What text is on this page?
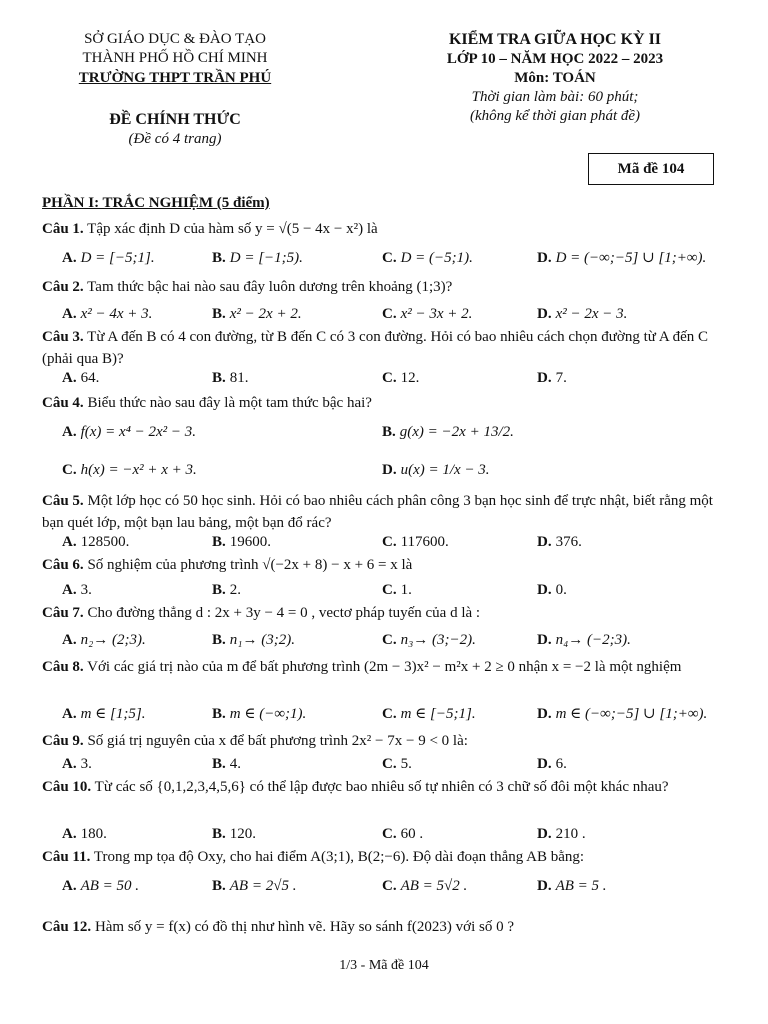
SỞ GIÁO DỤC & ĐÀO TẠO
THÀNH PHỐ HỒ CHÍ MINH
TRƯỜNG THPT TRẦN PHÚ
ĐỀ CHÍNH THỨC
(Đề có 4 trang)
KIỂM TRA GIỮA HỌC KỲ II
LỚP 10 – NĂM HỌC 2022 – 2023
Môn: TOÁN
Thời gian làm bài: 60 phút;
(không kể thời gian phát đề)
Mã đề 104
PHẦN I: TRẮC NGHIỆM (5 điểm)
Câu 1. Tập xác định D của hàm số y = √(5 − 4x − x²) là
A. D = [−5;1].	B. D = [−1;5).	C. D = (−5;1).	D. D = (−∞;−5] ∪ [1;+∞).
Câu 2. Tam thức bậc hai nào sau đây luôn dương trên khoảng (1;3)?
A. x² − 4x + 3.	B. x² − 2x + 2.	C. x² − 3x + 2.	D. x² − 2x − 3.
Câu 3. Từ A đến B có 4 con đường, từ B đến C có 3 con đường. Hỏi có bao nhiêu cách chọn đường từ A đến C (phải qua B)?
A. 64.	B. 81.	C. 12.	D. 7.
Câu 4. Biểu thức nào sau đây là một tam thức bậc hai?
A. f(x) = x⁴ − 2x² − 3.	B. g(x) = −2x + 13/2.
C. h(x) = −x² + x + 3.	D. u(x) = 1/x − 3.
Câu 5. Một lớp học có 50 học sinh. Hỏi có bao nhiêu cách phân công 3 bạn học sinh để trực nhật, biết rằng một bạn quét lớp, một bạn lau bảng, một bạn đổ rác?
A. 128500.	B. 19600.	C. 117600.	D. 376.
Câu 6. Số nghiệm của phương trình √(−2x + 8) − x + 6 = x là
A. 3.	B. 2.	C. 1.	D. 0.
Câu 7. Cho đường thẳng d : 2x + 3y − 4 = 0 , vectơ pháp tuyến của d là :
A. n₂→ (2;3).	B. n₁→ (3;2).	C. n₃→ (3;−2).	D. n₄→ (−2;3).
Câu 8. Với các giá trị nào của m để bất phương trình (2m − 3)x² − m²x + 2 ≥ 0 nhận x = −2 là một nghiệm
A. m ∈ [1;5].	B. m ∈ (−∞;1).	C. m ∈ [−5;1].	D. m ∈ (−∞;−5] ∪ [1;+∞).
Câu 9. Số giá trị nguyên của x để bất phương trình 2x² − 7x − 9 < 0 là:
A. 3.	B. 4.	C. 5.	D. 6.
Câu 10. Từ các số {0,1,2,3,4,5,6} có thể lập được bao nhiêu số tự nhiên có 3 chữ số đôi một khác nhau?
A. 180.	B. 120.	C. 60 .	D. 210 .
Câu 11. Trong mp tọa độ Oxy, cho hai điểm A(3;1), B(2;−6). Độ dài đoạn thẳng AB bằng:
A. AB = 50 .	B. AB = 2√5 .	C. AB = 5√2 .	D. AB = 5 .
Câu 12. Hàm số y = f(x) có đồ thị như hình vẽ. Hãy so sánh f(2023) với số 0 ?
1/3 - Mã đề 104
